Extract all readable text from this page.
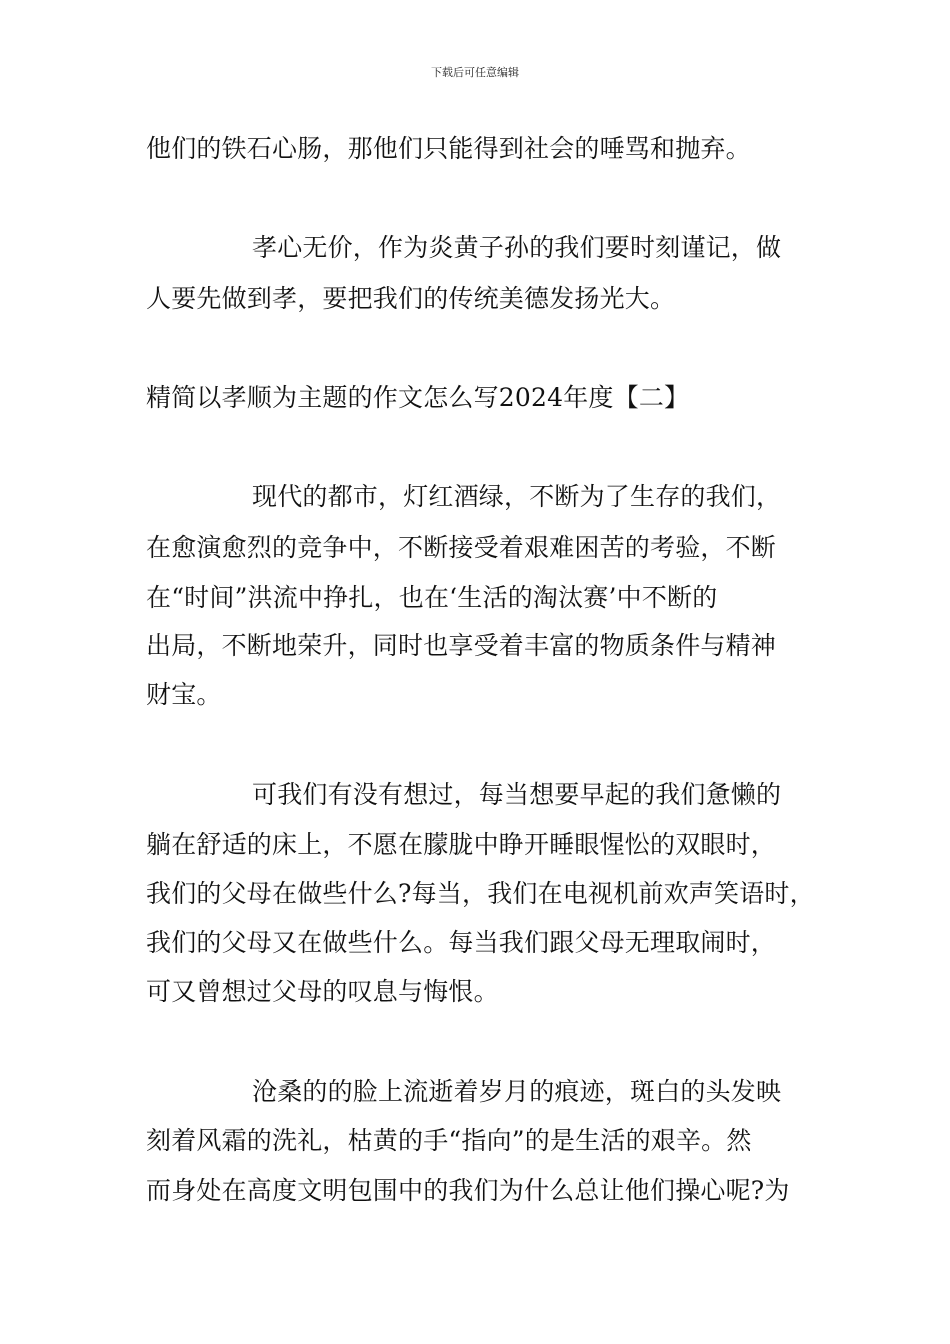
下载后可任意编辑
他们的铁石心肠，那他们只能得到社会的唾骂和抛弃。
孝心无价，作为炎黄子孙的我们要时刻谨记，做
人要先做到孝，要把我们的传统美德发扬光大。
精简以孝顺为主题的作文怎么写2024年度【二】
现代的都市，灯红酒绿，不断为了生存的我们，
在愈演愈烈的竞争中，不断接受着艰难困苦的考验，不断
在“时间”洪流中挣扎，也在‘生活的淘汰赛’中不断的
出局，不断地荣升，同时也享受着丰富的物质条件与精神
财宝。
可我们有没有想过，每当想要早起的我们惫懒的
躺在舒适的床上，不愿在朦胧中睁开睡眼惺忪的双眼时，
我们的父母在做些什么?每当，我们在电视机前欢声笑语时，
我们的父母又在做些什么。每当我们跟父母无理取闹时，
可又曾想过父母的叹息与悔恨。
沧桑的的脸上流逝着岁月的痕迹，斑白的头发映
刻着风霜的洗礼，枯黄的手“指向”的是生活的艰辛。然
而身处在高度文明包围中的我们为什么总让他们操心呢?为
